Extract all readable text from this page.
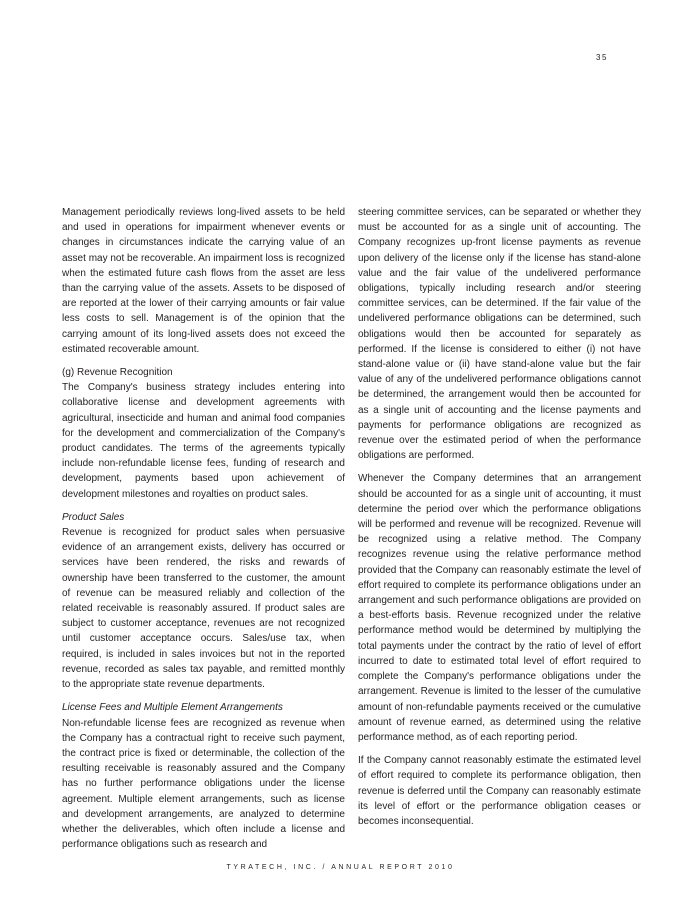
35

Management periodically reviews long-lived assets to be held and used in operations for impairment whenever events or changes in circumstances indicate the carrying value of an asset may not be recoverable. An impairment loss is recognized when the estimated future cash flows from the asset are less than the carrying value of the assets. Assets to be disposed of are reported at the lower of their carrying amounts or fair value less costs to sell. Management is of the opinion that the carrying amount of its long-lived assets does not exceed the estimated recoverable amount.

(g) Revenue Recognition

The Company's business strategy includes entering into collaborative license and development agreements with agricultural, insecticide and human and animal food companies for the development and commercialization of the Company's product candidates. The terms of the agreements typically include non-refundable license fees, funding of research and development, payments based upon achievement of development milestones and royalties on product sales.

Product Sales

Revenue is recognized for product sales when persuasive evidence of an arrangement exists, delivery has occurred or services have been rendered, the risks and rewards of ownership have been transferred to the customer, the amount of revenue can be measured reliably and collection of the related receivable is reasonably assured. If product sales are subject to customer acceptance, revenues are not recognized until customer acceptance occurs. Sales/use tax, when required, is included in sales invoices but not in the reported revenue, recorded as sales tax payable, and remitted monthly to the appropriate state revenue departments.

License Fees and Multiple Element Arrangements

Non-refundable license fees are recognized as revenue when the Company has a contractual right to receive such payment, the contract price is fixed or determinable, the collection of the resulting receivable is reasonably assured and the Company has no further performance obligations under the license agreement. Multiple element arrangements, such as license and development arrangements, are analyzed to determine whether the deliverables, which often include a license and performance obligations such as research and

steering committee services, can be separated or whether they must be accounted for as a single unit of accounting. The Company recognizes up-front license payments as revenue upon delivery of the license only if the license has stand-alone value and the fair value of the undelivered performance obligations, typically including research and/or steering committee services, can be determined. If the fair value of the undelivered performance obligations can be determined, such obligations would then be accounted for separately as performed. If the license is considered to either (i) not have stand-alone value or (ii) have stand-alone value but the fair value of any of the undelivered performance obligations cannot be determined, the arrangement would then be accounted for as a single unit of accounting and the license payments and payments for performance obligations are recognized as revenue over the estimated period of when the performance obligations are performed.

Whenever the Company determines that an arrangement should be accounted for as a single unit of accounting, it must determine the period over which the performance obligations will be performed and revenue will be recognized. Revenue will be recognized using a relative method. The Company recognizes revenue using the relative performance method provided that the Company can reasonably estimate the level of effort required to complete its performance obligations under an arrangement and such performance obligations are provided on a best-efforts basis. Revenue recognized under the relative performance method would be determined by multiplying the total payments under the contract by the ratio of level of effort incurred to date to estimated total level of effort required to complete the Company's performance obligations under the arrangement. Revenue is limited to the lesser of the cumulative amount of non-refundable payments received or the cumulative amount of revenue earned, as determined using the relative performance method, as of each reporting period.

If the Company cannot reasonably estimate the estimated level of effort required to complete its performance obligation, then revenue is deferred until the Company can reasonably estimate its level of effort or the performance obligation ceases or becomes inconsequential.

TYRATECH, INC. / ANNUAL REPORT 2010
